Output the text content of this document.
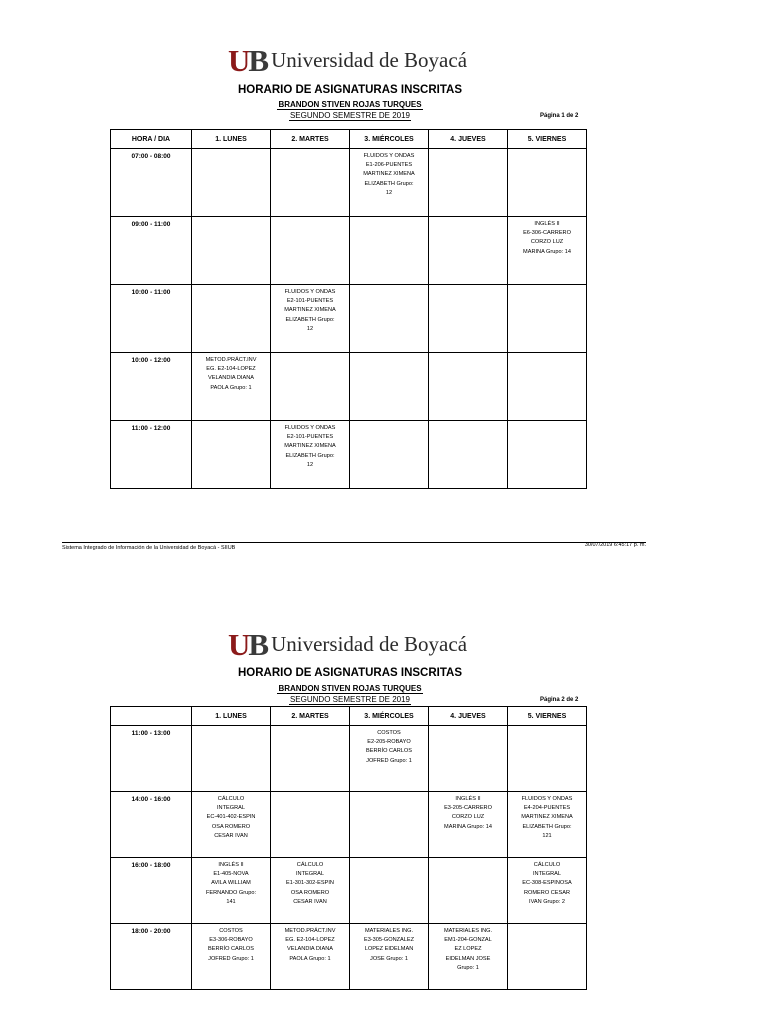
UB Universidad de Boyacá
HORARIO DE ASIGNATURAS INSCRITAS
BRANDON STIVEN ROJAS TURQUES
SEGUNDO SEMESTRE DE 2019	Página 1 de 2
HORA / DIA	1. LUNES	2. MARTES	3. MIÉRCOLES	4. JUEVES	5. VIERNES
07:00 - 08:00			FLUIDOS Y ONDAS
E1-206-PUENTES
MARTINEZ XIMENA
ELIZABETH Grupo:
12		
09:00 - 11:00					INGLÉS II
E6-306-CARRERO
CORZO LUZ
MARINA Grupo: 14
10:00 - 11:00		FLUIDOS Y ONDAS
E2-101-PUENTES
MARTINEZ XIMENA
ELIZABETH Grupo:
12			
10:00 - 12:00	METOD.PRÁCT.INV
EG. E2-104-LOPEZ
VELANDIA DIANA
PAOLA Grupo: 1				
11:00 - 12:00		FLUIDOS Y ONDAS
E2-101-PUENTES
MARTINEZ XIMENA
ELIZABETH Grupo:
12			
Sistema Integrado de Información de la Universidad de Boyacá - SIIUB	30/07/2019 6:45:17 p. m.
UB Universidad de Boyacá
HORARIO DE ASIGNATURAS INSCRITAS
BRANDON STIVEN ROJAS TURQUES
SEGUNDO SEMESTRE DE 2019	Página 2 de 2
	1. LUNES	2. MARTES	3. MIÉRCOLES	4. JUEVES	5. VIERNES
11:00 - 13:00			COSTOS
E2-205-ROBAYO
BERRÍO CARLOS
JOFRED Grupo: 1		
14:00 - 16:00	CÁLCULO
INTEGRAL
EC-401-402-ESPIN
OSA ROMERO
CESAR IVAN			INGLÉS II
E3-205-CARRERO
CORZO LUZ
MARINA Grupo: 14	FLUIDOS Y ONDAS
E4-204-PUENTES
MARTINEZ XIMENA
ELIZABETH Grupo:
121
16:00 - 18:00	INGLÉS II
E1-405-NOVA
AVILA WILLIAM
FERNANDO Grupo:
141	CÁLCULO
INTEGRAL
E1-301-302-ESPIN
OSA ROMERO
CESAR IVAN			CÁLCULO
INTEGRAL
EC-308-ESPINOSA
ROMERO CESAR
IVAN Grupo: 2
18:00 - 20:00	COSTOS
E3-306-ROBAYO
BERRÍO CARLOS
JOFRED Grupo: 1	METOD.PRÁCT.INV
EG. E2-104-LOPEZ
VELANDIA DIANA
PAOLA Grupo: 1	MATERIALES ING.
E3-305-GONZALEZ
LOPEZ EIDELMAN
JOSE Grupo: 1	MATERIALES ING.
EM1-204-GONZAL
EZ LOPEZ
EIDELMAN JOSE
Grupo: 1	
